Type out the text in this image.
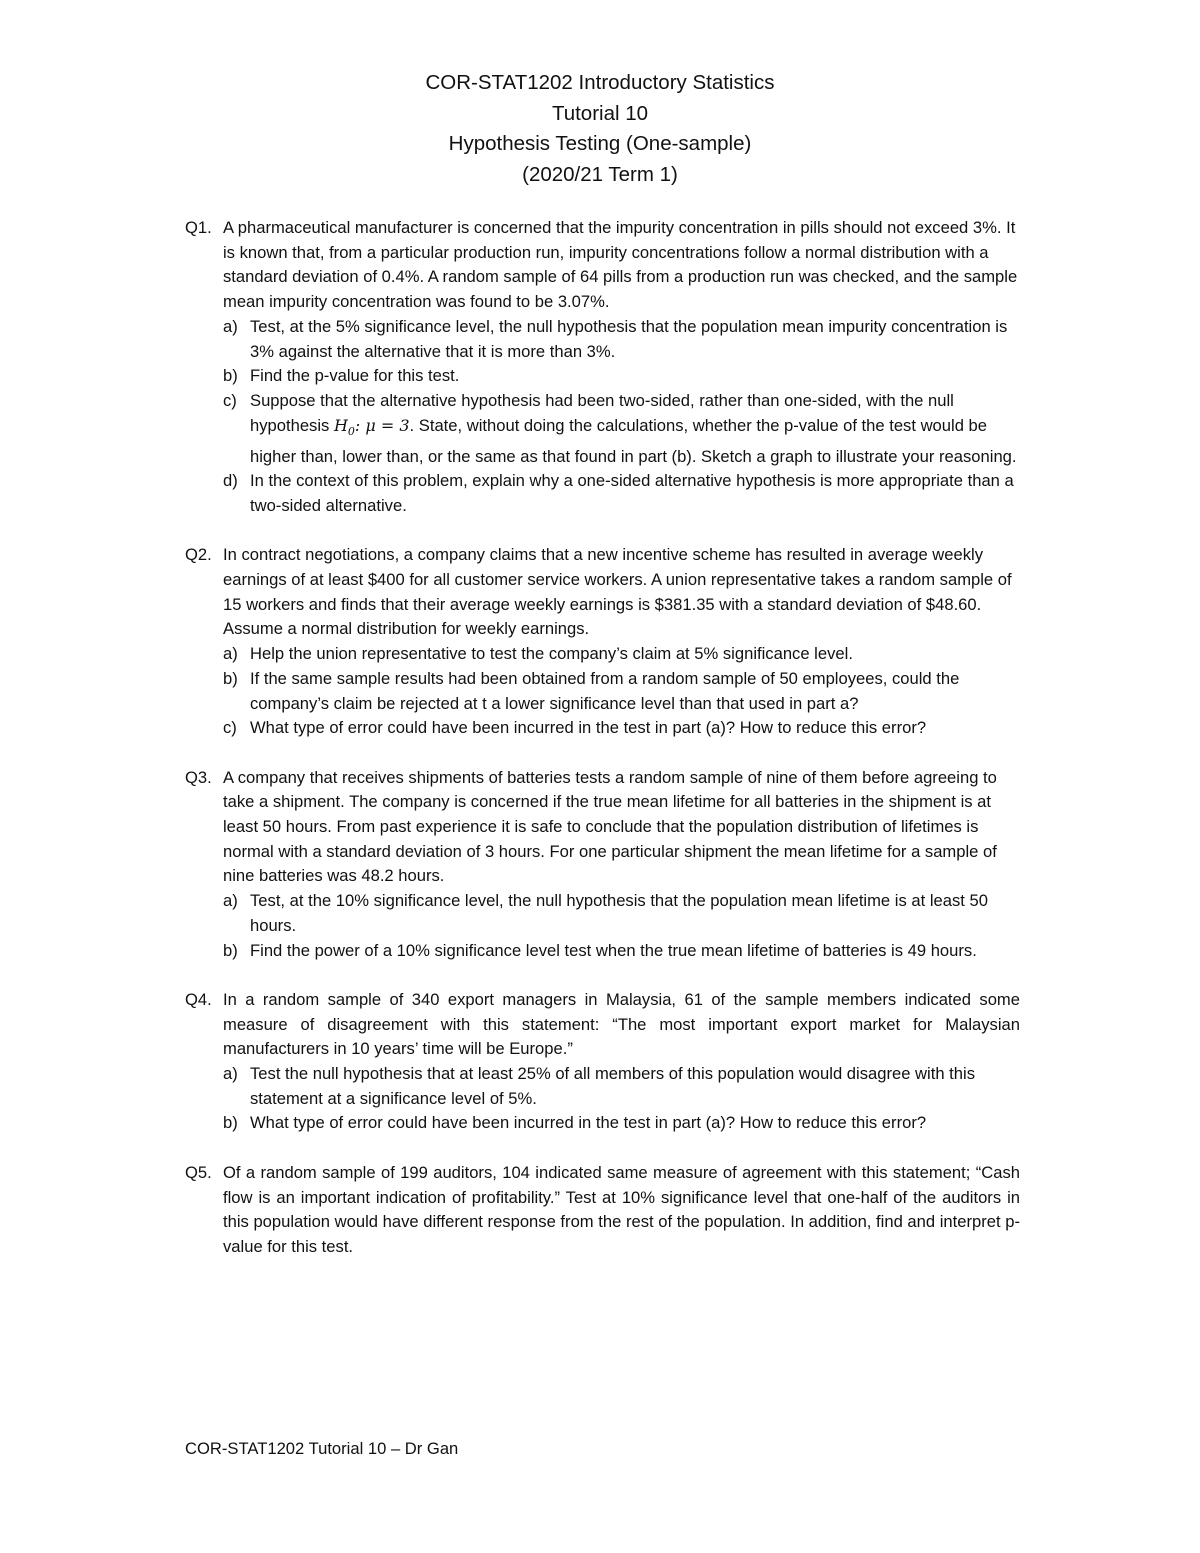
COR-STAT1202 Introductory Statistics
Tutorial 10
Hypothesis Testing (One-sample)
(2020/21 Term 1)
Q1. A pharmaceutical manufacturer is concerned that the impurity concentration in pills should not exceed 3%. It is known that, from a particular production run, impurity concentrations follow a normal distribution with a standard deviation of 0.4%. A random sample of 64 pills from a production run was checked, and the sample mean impurity concentration was found to be 3.07%.
a) Test, at the 5% significance level, the null hypothesis that the population mean impurity concentration is 3% against the alternative that it is more than 3%.
b) Find the p-value for this test.
c) Suppose that the alternative hypothesis had been two-sided, rather than one-sided, with the null hypothesis $H_0$: μ = 3. State, without doing the calculations, whether the p-value of the test would be higher than, lower than, or the same as that found in part (b). Sketch a graph to illustrate your reasoning.
d) In the context of this problem, explain why a one-sided alternative hypothesis is more appropriate than a two-sided alternative.
Q2. In contract negotiations, a company claims that a new incentive scheme has resulted in average weekly earnings of at least $400 for all customer service workers. A union representative takes a random sample of 15 workers and finds that their average weekly earnings is $381.35 with a standard deviation of $48.60. Assume a normal distribution for weekly earnings.
a) Help the union representative to test the company’s claim at 5% significance level.
b) If the same sample results had been obtained from a random sample of 50 employees, could the company’s claim be rejected at t a lower significance level than that used in part a?
c) What type of error could have been incurred in the test in part (a)? How to reduce this error?
Q3. A company that receives shipments of batteries tests a random sample of nine of them before agreeing to take a shipment. The company is concerned if the true mean lifetime for all batteries in the shipment is at least 50 hours. From past experience it is safe to conclude that the population distribution of lifetimes is normal with a standard deviation of 3 hours. For one particular shipment the mean lifetime for a sample of nine batteries was 48.2 hours.
a) Test, at the 10% significance level, the null hypothesis that the population mean lifetime is at least 50 hours.
b) Find the power of a 10% significance level test when the true mean lifetime of batteries is 49 hours.
Q4. In a random sample of 340 export managers in Malaysia, 61 of the sample members indicated some measure of disagreement with this statement: “The most important export market for Malaysian manufacturers in 10 years’ time will be Europe.”
a) Test the null hypothesis that at least 25% of all members of this population would disagree with this statement at a significance level of 5%.
b) What type of error could have been incurred in the test in part (a)? How to reduce this error?
Q5. Of a random sample of 199 auditors, 104 indicated same measure of agreement with this statement; “Cash flow is an important indication of profitability.” Test at 10% significance level that one-half of the auditors in this population would have different response from the rest of the population. In addition, find and interpret p-value for this test.
COR-STAT1202 Tutorial 10 – Dr Gan
